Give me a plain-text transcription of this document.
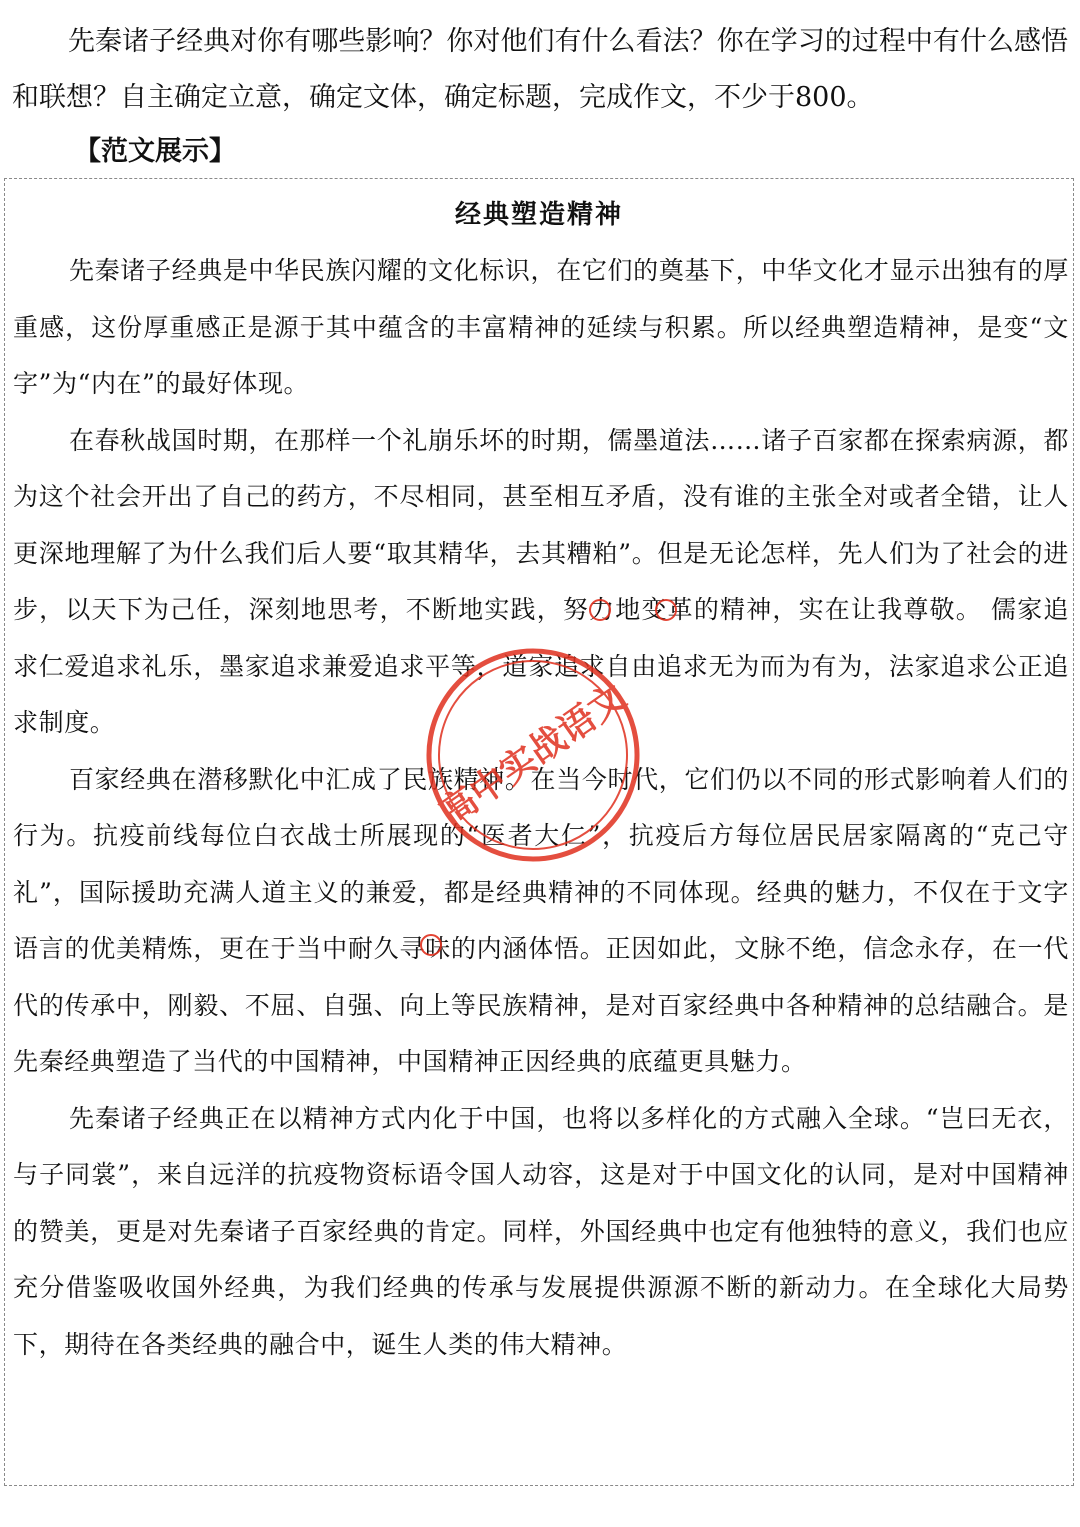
先秦诸子经典对你有哪些影响？你对他们有什么看法？你在学习的过程中有什么感悟和联想？自主确定立意，确定文体，确定标题，完成作文，不少于800。

【范文展示】

经典塑造精神

先秦诸子经典是中华民族闪耀的文化标识，在它们的奠基下，中华文化才显示出独有的厚重感，这份厚重感正是源于其中蕴含的丰富精神的延续与积累。所以经典塑造精神，是变“文字”为“内在”的最好体现。

在春秋战国时期，在那样一个礼崩乐坏的时期，儒墨道法……诸子百家都在探索病源，都为这个社会开出了自己的药方，不尽相同，甚至相互矛盾，没有谁的主张全对或者全错，让人更深地理解了为什么我们后人要“取其精华，去其糟粕”。但是无论怎样，先人们为了社会的进步，以天下为己任，深刻地思考，不断地实践，努力地变革的精神，实在让我尊敬。 儒家追求仁爱追求礼乐，墨家追求兼爱追求平等，道家追求自由追求无为而为有为，法家追求公正追求制度。

百家经典在潜移默化中汇成了民族精神。在当今时代，它们仍以不同的形式影响着人们的行为。抗疫前线每位白衣战士所展现的“医者大仁”，抗疫后方每位居民居家隔离的“克己守礼”，国际援助充满人道主义的兼爱，都是经典精神的不同体现。经典的魅力，不仅在于文字语言的优美精炼，更在于当中耐久寻味的内涵体悟。正因如此，文脉不绝，信念永存，在一代代的传承中，刚毅、不屈、自强、向上等民族精神，是对百家经典中各种精神的总结融合。是先秦经典塑造了当代的中国精神，中国精神正因经典的底蕴更具魅力。

先秦诸子经典正在以精神方式内化于中国，也将以多样化的方式融入全球。“岂曰无衣，与子同裳”，来自远洋的抗疫物资标语令国人动容，这是对于中国文化的认同，是对中国精神的赞美，更是对先秦诸子百家经典的肯定。同样，外国经典中也定有他独特的意义，我们也应充分借鉴吸收国外经典，为我们经典的传承与发展提供源源不断的新动力。在全球化大局势下，期待在各类经典的融合中，诞生人类的伟大精神。

高中实战语文
